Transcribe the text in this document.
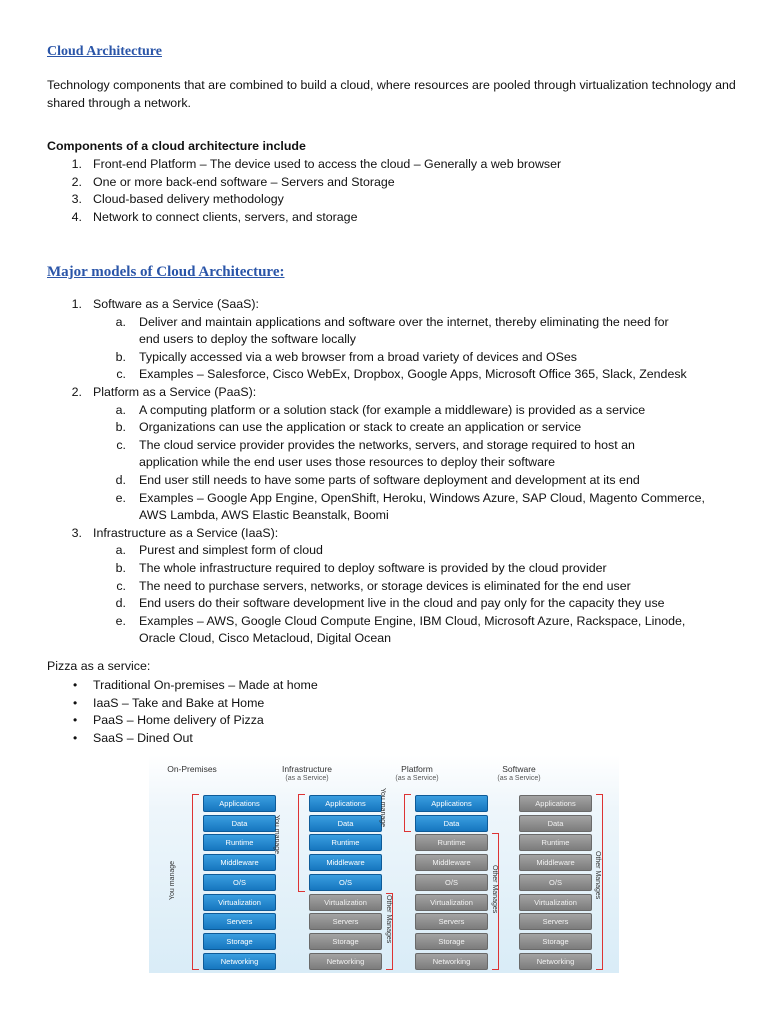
Cloud Architecture
Technology components that are combined to build a cloud, where resources are pooled through virtualization technology and shared through a network.
Components of a cloud architecture include
Major models of Cloud Architecture:
Pizza as a service:
On-Premises
Applications
Data
Runtime
Middleware
O/S
Virtualization
Servers
Storage
Networking
Infrastructure
(as a Service)
Applications
Data
Runtime
Middleware
O/S
Virtualization
Servers
Storage
Networking
Platform
(as a Service)
Applications
Data
Runtime
Middleware
O/S
Virtualization
Servers
Storage
Networking
Software
(as a Service)
Applications
Data
Runtime
Middleware
O/S
Virtualization
Servers
Storage
Networking
You manage
You manage
You manage
Other Manages
Other Manages	Other Manages
1. Front-end Platform – The device used to access the cloud – Generally a web browser
2. One or more back-end software – Servers and Storage
3. Cloud-based delivery methodology
4. Network to connect clients, servers, and storage
1. Software as a Service (SaaS):
a. Deliver and maintain applications and software over the internet, thereby eliminating the need for
end users to deploy the software locally
b. Typically accessed via a web browser from a broad variety of devices and OSes
c. Examples – Salesforce, Cisco WebEx, Dropbox, Google Apps, Microsoft Office 365, Slack, Zendesk
2. Platform as a Service (PaaS):
a. A computing platform or a solution stack (for example a middleware) is provided as a service
b. Organizations can use the application or stack to create an application or service
c. The cloud service provider provides the networks, servers, and storage required to host an
application while the end user uses those resources to deploy their software
d. End user still needs to have some parts of software deployment and development at its end
e. Examples – Google App Engine, OpenShift, Heroku, Windows Azure, SAP Cloud, Magento Commerce,
AWS Lambda, AWS Elastic Beanstalk, Boomi
3. Infrastructure as a Service (IaaS):
a. Purest and simplest form of cloud
b. The whole infrastructure required to deploy software is provided by the cloud provider
c. The need to purchase servers, networks, or storage devices is eliminated for the end user
d. End users do their software development live in the cloud and pay only for the capacity they use
e. Examples – AWS, Google Cloud Compute Engine, IBM Cloud, Microsoft Azure, Rackspace, Linode,
Oracle Cloud, Cisco Metacloud, Digital Ocean
• Traditional On-premises – Made at home
• IaaS – Take and Bake at Home
• PaaS – Home delivery of Pizza
• SaaS – Dined Out
